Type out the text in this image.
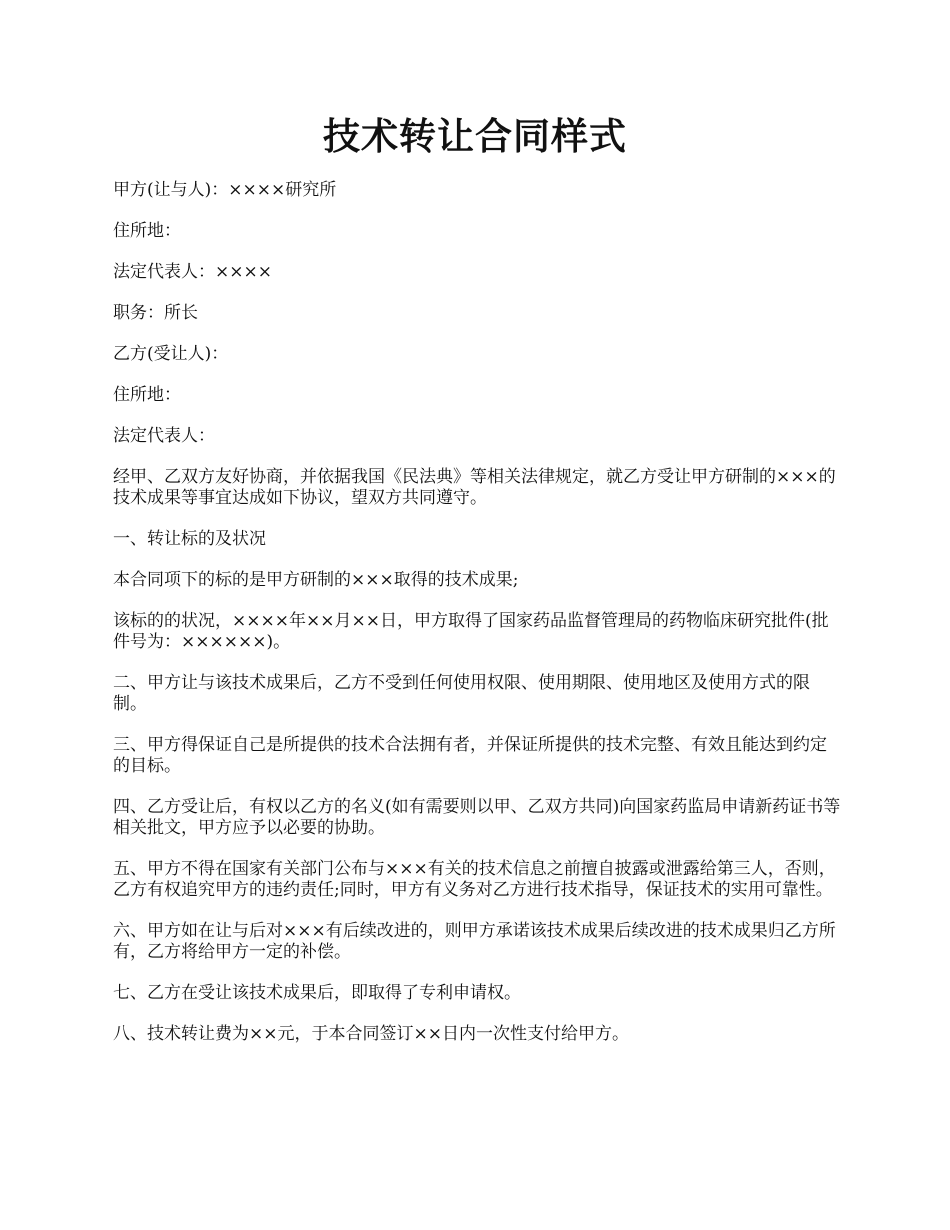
技术转让合同样式

甲方(让与人)：××××研究所

住所地：

法定代表人：××××

职务：所长

乙方(受让人)：

住所地：

法定代表人：

经甲、乙双方友好协商，并依据我国《民法典》等相关法律规定，就乙方受让甲方研制的×××的技术成果等事宜达成如下协议，望双方共同遵守。

一、转让标的及状况

本合同项下的标的是甲方研制的×××取得的技术成果;

该标的的状况，××××年××月××日，甲方取得了国家药品监督管理局的药物临床研究批件(批件号为：××××××)。

二、甲方让与该技术成果后，乙方不受到任何使用权限、使用期限、使用地区及使用方式的限制。

三、甲方得保证自己是所提供的技术合法拥有者，并保证所提供的技术完整、有效且能达到约定的目标。

四、乙方受让后，有权以乙方的名义(如有需要则以甲、乙双方共同)向国家药监局申请新药证书等相关批文，甲方应予以必要的协助。

五、甲方不得在国家有关部门公布与×××有关的技术信息之前擅自披露或泄露给第三人，否则，乙方有权追究甲方的违约责任;同时，甲方有义务对乙方进行技术指导，保证技术的实用可靠性。

六、甲方如在让与后对×××有后续改进的，则甲方承诺该技术成果后续改进的技术成果归乙方所有，乙方将给甲方一定的补偿。

七、乙方在受让该技术成果后，即取得了专利申请权。

八、技术转让费为××元，于本合同签订××日内一次性支付给甲方。
